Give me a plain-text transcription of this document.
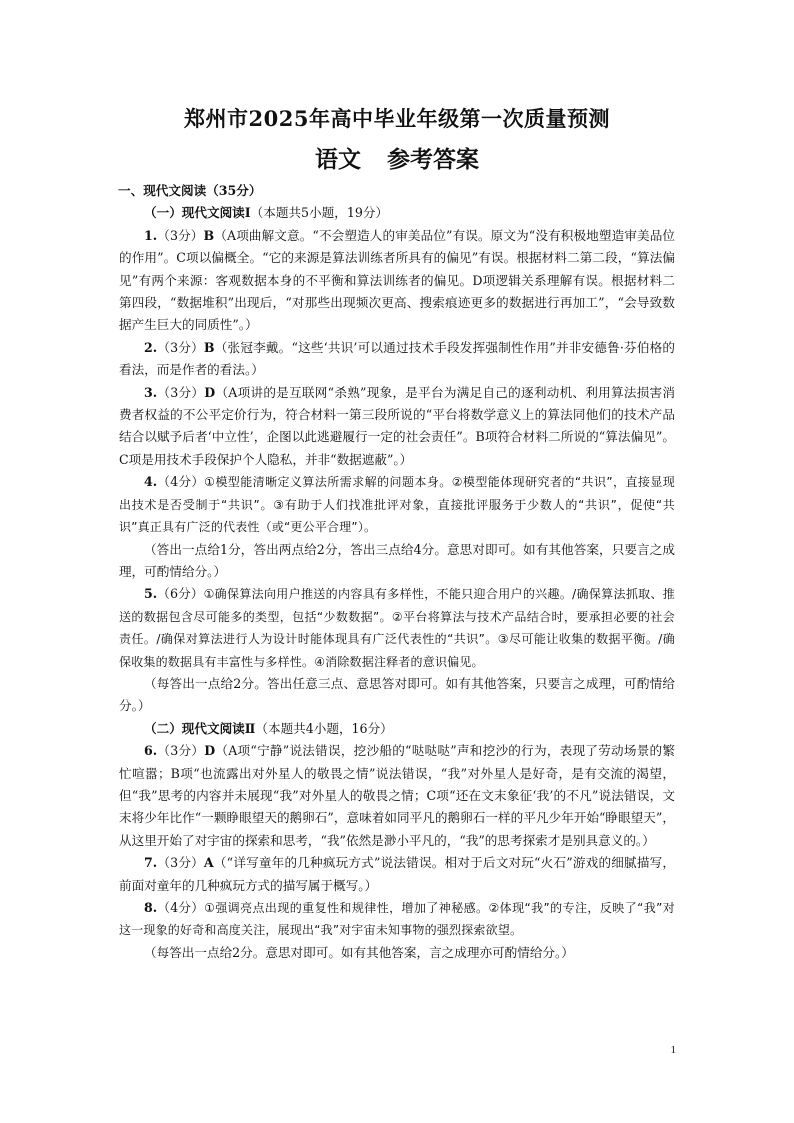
郑州市2025年高中毕业年级第一次质量预测
语文 参考答案
一、现代文阅读（35分）
（一）现代文阅读Ⅰ（本题共5小题，19分）
1.（3分）B（A项曲解文意。“不会塑造人的审美品位”有误。原文为“没有积极地塑造审美品位的作用”。C项以偏概全。“它的来源是算法训练者所具有的偏见”有误。根据材料二第二段，“算法偏见”有两个来源：客观数据本身的不平衡和算法训练者的偏见。D项逻辑关系理解有误。根据材料二第四段，“数据堆积”出现后，“对那些出现频次更高、搜索痕迹更多的数据进行再加工”，“会导致数据产生巨大的同质性”。）
2.（3分）B（张冠李戴。“这些‘共识’可以通过技术手段发挥强制性作用”并非安德鲁·芬伯格的看法，而是作者的看法。）
3.（3分）D（A项讲的是互联网“杀熟”现象，是平台为满足自己的逐利动机、利用算法损害消费者权益的不公平定价行为，符合材料一第三段所说的“平台将数学意义上的算法同他们的技术产品结合以赋予后者‘中立性’，企图以此逃避履行一定的社会责任”。B项符合材料二所说的“算法偏见”。C项是用技术手段保护个人隐私，并非“数据遮蔽”。）
4.（4分）①模型能清晰定义算法所需求解的问题本身。②模型能体现研究者的“共识”，直接显现出技术是否受制于“共识”。③有助于人们找准批评对象，直接批评服务于少数人的“共识”，促使“共识”真正具有广泛的代表性（或“更公平合理”）。
（答出一点给1分，答出两点给2分，答出三点给4分。意思对即可。如有其他答案，只要言之成理，可酌情给分。）
5.（6分）①确保算法向用户推送的内容具有多样性，不能只迎合用户的兴趣。/确保算法抓取、推送的数据包含尽可能多的类型，包括“少数数据”。②平台将算法与技术产品结合时，要承担必要的社会责任。/确保对算法进行人为设计时能体现具有广泛代表性的“共识”。③尽可能让收集的数据平衡。/确保收集的数据具有丰富性与多样性。④消除数据注释者的意识偏见。
（每答出一点给2分。答出任意三点、意思答对即可。如有其他答案，只要言之成理，可酌情给分。）
（二）现代文阅读Ⅱ（本题共4小题，16分）
6.（3分）D（A项“宁静”说法错误，挖沙船的“哒哒哒”声和挖沙的行为，表现了劳动场景的繁忙喧嚣；B项“也流露出对外星人的敬畏之情”说法错误，“我”对外星人是好奇，是有交流的渴望，但“我”思考的内容并未展现“我”对外星人的敬畏之情；C项“还在文末象征‘我’的不凡”说法错误，文末将少年比作“一颗睁眼望天的鹅卵石”，意味着如同平凡的鹅卵石一样的平凡少年开始“睁眼望天”，从这里开始了对宇宙的探索和思考，“我”依然是渺小平凡的，“我”的思考探索才是别具意义的。）
7.（3分）A（“详写童年的几种疯玩方式”说法错误。相对于后文对玩“火石”游戏的细腻描写，前面对童年的几种疯玩方式的描写属于概写。）
8.（4分）①强调亮点出现的重复性和规律性，增加了神秘感。②体现“我”的专注，反映了“我”对这一现象的好奇和高度关注，展现出“我”对宇宙未知事物的强烈探索欲望。
（每答出一点给2分。意思对即可。如有其他答案，言之成理亦可酌情给分。）
1
